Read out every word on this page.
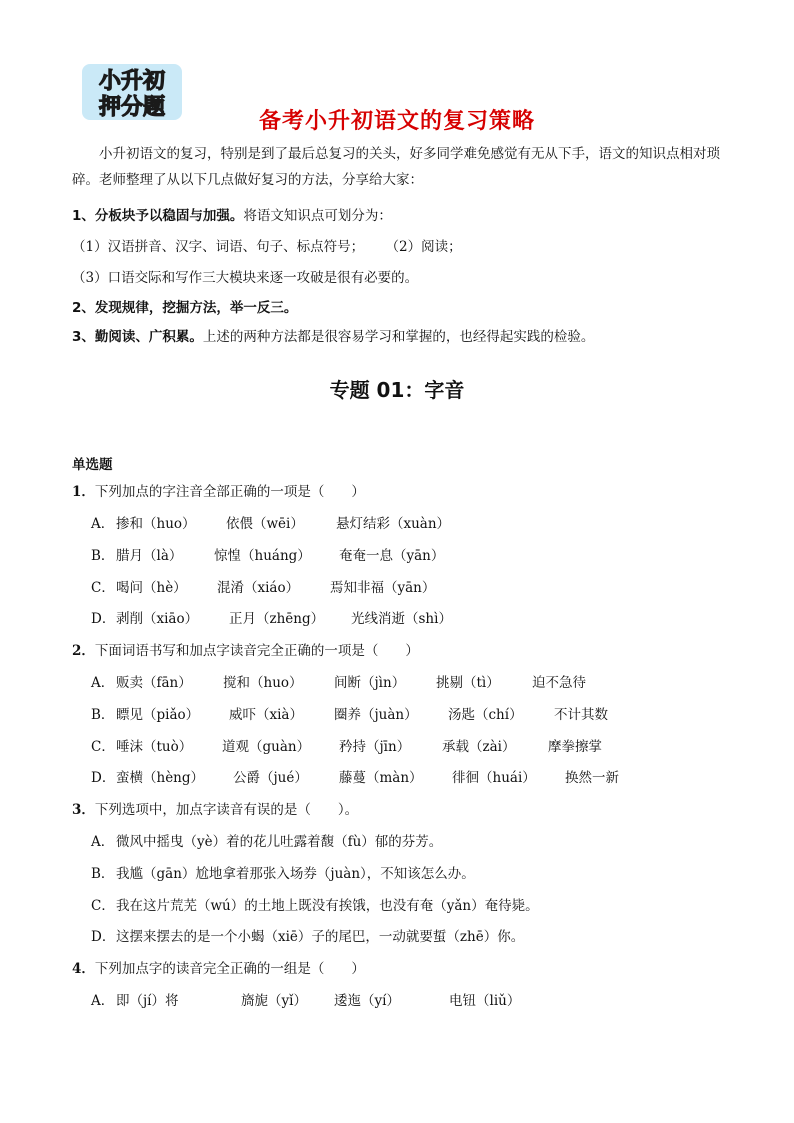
小升初
押分题
备考小升初语文的复习策略
小升初语文的复习，特别是到了最后总复习的关头，好多同学难免感觉有无从下手，语文的知识点相对琐碎。老师整理了从以下几点做好复习的方法，分享给大家：
1、分板块予以稳固与加强。将语文知识点可划分为：
（1）汉语拼音、汉字、词语、句子、标点符号；     （2）阅读；
（3）口语交际和写作三大模块来逐一攻破是很有必要的。
2、发现规律，挖掘方法，举一反三。
3、勤阅读、广积累。上述的两种方法都是很容易学习和掌握的，也经得起实践的检验。
专题 01：字音
单选题
1．下列加点的字注音全部正确的一项是（　　）
A． 掺和（huo） 依偎（wēi） 悬灯结彩（xuàn）
B． 腊月（là） 惊惶（huáng） 奄奄一息（yān）
C． 喝问（hè） 混淆（xiáo） 焉知非福（yān）
D． 剥削（xiāo） 正月（zhēng） 光线消逝（shì）
2．下面词语书写和加点字读音完全正确的一项是（　　）
A． 贩卖（fān） 搅和（huo） 间断（jìn） 挑剔（tì） 迫不急待
B． 瞟见（piǎo） 威吓（xià） 圈养（juàn） 汤匙（chí） 不计其数
C． 唾沫（tuò） 道观（guàn） 矜持（jīn） 承载（zài） 摩拳擦掌
D． 蛮横（hèng） 公爵（jué） 藤蔓（màn） 徘徊（huái） 换然一新
3．下列选项中，加点字读音有误的是（　　）。
A． 微风中摇曳（yè）着的花儿吐露着馥（fù）郁的芬芳。
B． 我尴（gān）尬地拿着那张入场券（juàn），不知该怎么办。
C． 我在这片荒芜（wú）的土地上既没有挨饿，也没有奄（yǎn）奄待毙。
D． 这摆来摆去的是一个小蝎（xiē）子的尾巴，一动就要蜇（zhē）你。
4．下列加点字的读音完全正确的一组是（　　）
A． 即（jí）将	旖旎（yǐ） 逶迤（yí）	电钮（liǔ）
